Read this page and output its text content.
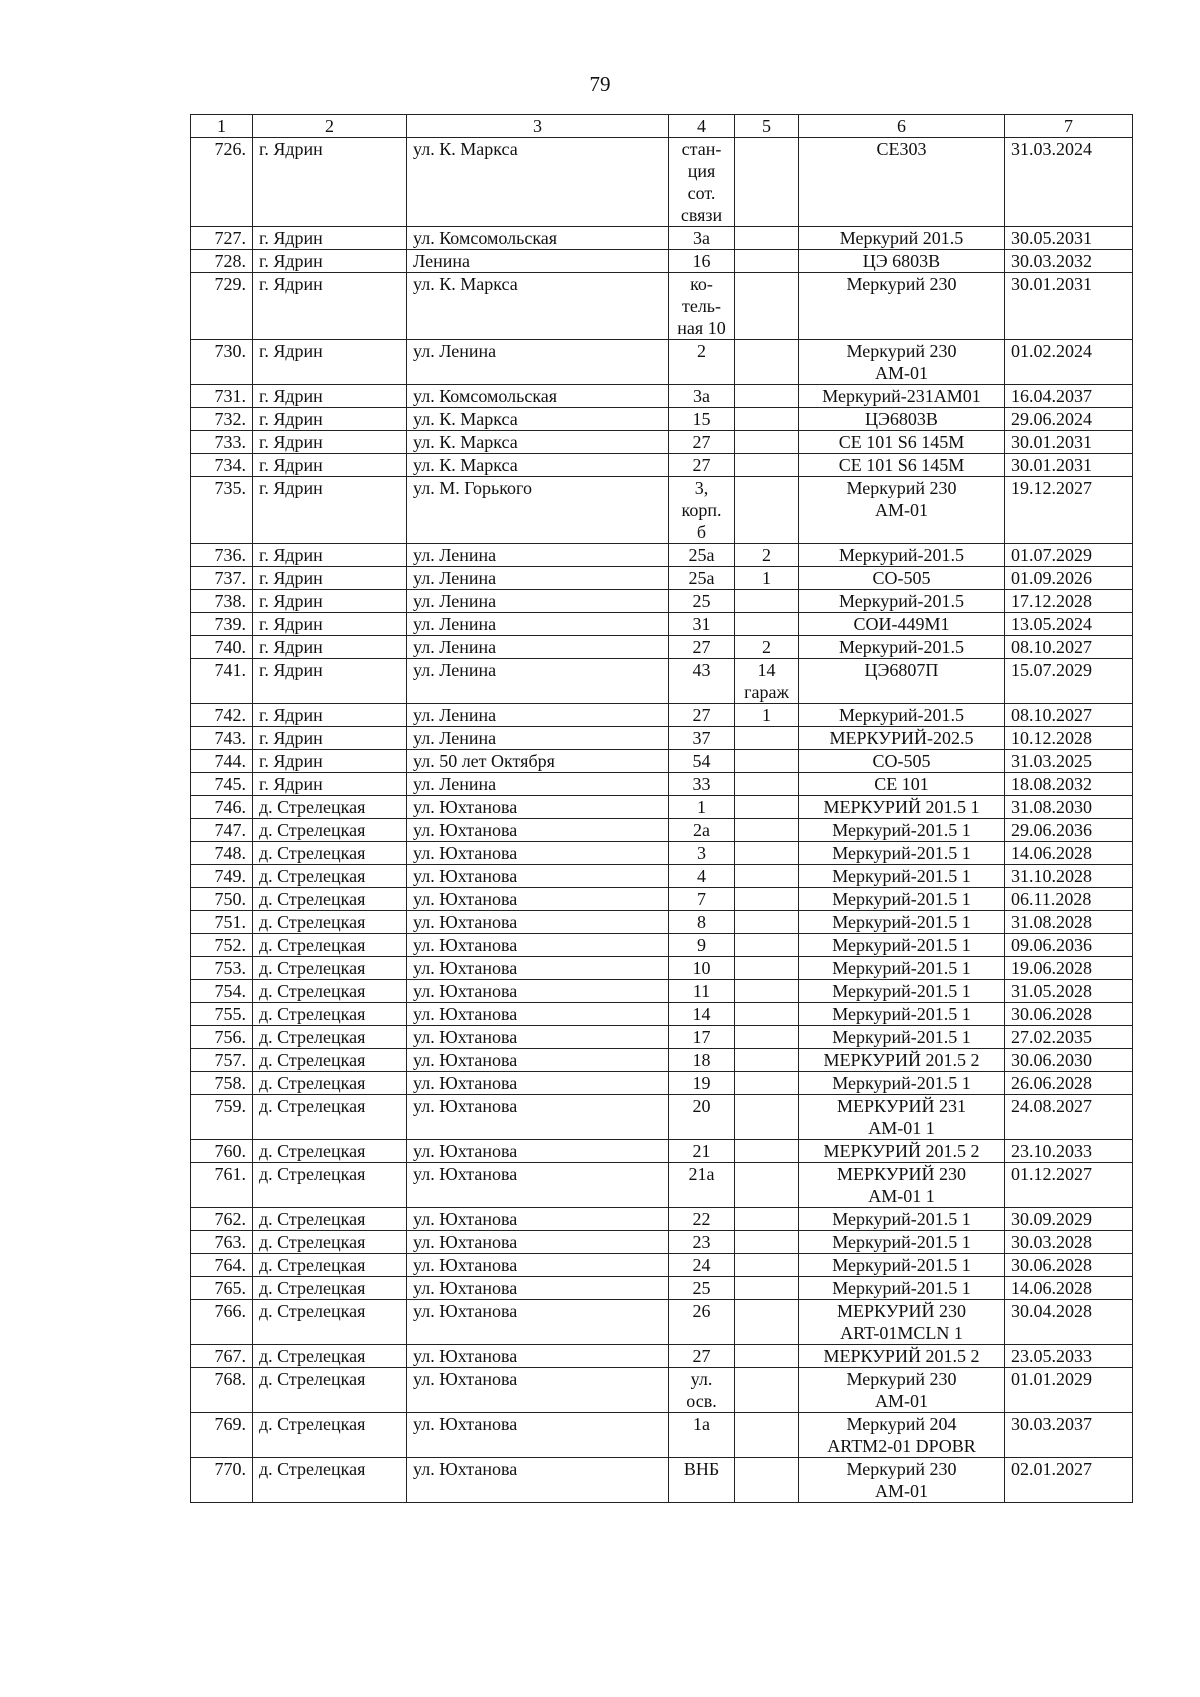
79
1	2	3	4	5	6	7
726.	г. Ядрин	ул. К. Маркса	стан-
ция
сот.
связи		СЕ303	31.03.2024
727.	г. Ядрин	ул. Комсомольская	3а		Меркурий 201.5	30.05.2031
728.	г. Ядрин	Ленина	16		ЦЭ 6803В	30.03.2032
729.	г. Ядрин	ул. К. Маркса	ко-
тель-
ная 10		Меркурий 230	30.01.2031
730.	г. Ядрин	ул. Ленина	2		Меркурий 230
АМ-01	01.02.2024
731.	г. Ядрин	ул. Комсомольская	3а		Меркурий-231АМ01	16.04.2037
732.	г. Ядрин	ул. К. Маркса	15		ЦЭ6803В	29.06.2024
733.	г. Ядрин	ул. К. Маркса	27		СЕ 101 S6 145М	30.01.2031
734.	г. Ядрин	ул. К. Маркса	27		СЕ 101 S6 145М	30.01.2031
735.	г. Ядрин	ул. М. Горького	3,
корп.
б		Меркурий 230
АМ-01	19.12.2027
736.	г. Ядрин	ул. Ленина	25а	2	Меркурий-201.5	01.07.2029
737.	г. Ядрин	ул. Ленина	25а	1	СО-505	01.09.2026
738.	г. Ядрин	ул. Ленина	25		Меркурий-201.5	17.12.2028
739.	г. Ядрин	ул. Ленина	31		СОИ-449М1	13.05.2024
740.	г. Ядрин	ул. Ленина	27	2	Меркурий-201.5	08.10.2027
741.	г. Ядрин	ул. Ленина	43	14
гараж	ЦЭ6807П	15.07.2029
742.	г. Ядрин	ул. Ленина	27	1	Меркурий-201.5	08.10.2027
743.	г. Ядрин	ул. Ленина	37		МЕРКУРИЙ-202.5	10.12.2028
744.	г. Ядрин	ул. 50 лет Октября	54		СО-505	31.03.2025
745.	г. Ядрин	ул. Ленина	33		СЕ 101	18.08.2032
746.	д. Стрелецкая	ул. Юхтанова	1		МЕРКУРИЙ 201.5 1	31.08.2030
747.	д. Стрелецкая	ул. Юхтанова	2а		Меркурий-201.5 1	29.06.2036
748.	д. Стрелецкая	ул. Юхтанова	3		Меркурий-201.5 1	14.06.2028
749.	д. Стрелецкая	ул. Юхтанова	4		Меркурий-201.5 1	31.10.2028
750.	д. Стрелецкая	ул. Юхтанова	7		Меркурий-201.5 1	06.11.2028
751.	д. Стрелецкая	ул. Юхтанова	8		Меркурий-201.5 1	31.08.2028
752.	д. Стрелецкая	ул. Юхтанова	9		Меркурий-201.5 1	09.06.2036
753.	д. Стрелецкая	ул. Юхтанова	10		Меркурий-201.5 1	19.06.2028
754.	д. Стрелецкая	ул. Юхтанова	11		Меркурий-201.5 1	31.05.2028
755.	д. Стрелецкая	ул. Юхтанова	14		Меркурий-201.5 1	30.06.2028
756.	д. Стрелецкая	ул. Юхтанова	17		Меркурий-201.5 1	27.02.2035
757.	д. Стрелецкая	ул. Юхтанова	18		МЕРКУРИЙ 201.5 2	30.06.2030
758.	д. Стрелецкая	ул. Юхтанова	19		Меркурий-201.5 1	26.06.2028
759.	д. Стрелецкая	ул. Юхтанова	20		МЕРКУРИЙ 231
АМ-01 1	24.08.2027
760.	д. Стрелецкая	ул. Юхтанова	21		МЕРКУРИЙ 201.5 2	23.10.2033
761.	д. Стрелецкая	ул. Юхтанова	21а		МЕРКУРИЙ 230
АМ-01 1	01.12.2027
762.	д. Стрелецкая	ул. Юхтанова	22		Меркурий-201.5 1	30.09.2029
763.	д. Стрелецкая	ул. Юхтанова	23		Меркурий-201.5 1	30.03.2028
764.	д. Стрелецкая	ул. Юхтанова	24		Меркурий-201.5 1	30.06.2028
765.	д. Стрелецкая	ул. Юхтанова	25		Меркурий-201.5 1	14.06.2028
766.	д. Стрелецкая	ул. Юхтанова	26		МЕРКУРИЙ 230
ART-01MCLN 1	30.04.2028
767.	д. Стрелецкая	ул. Юхтанова	27		МЕРКУРИЙ 201.5 2	23.05.2033
768.	д. Стрелецкая	ул. Юхтанова	ул.
осв.		Меркурий 230
АМ-01	01.01.2029
769.	д. Стрелецкая	ул. Юхтанова	1а		Меркурий 204
ARTM2-01 DPOBR	30.03.2037
770.	д. Стрелецкая	ул. Юхтанова	ВНБ		Меркурий 230
АМ-01	02.01.2027
